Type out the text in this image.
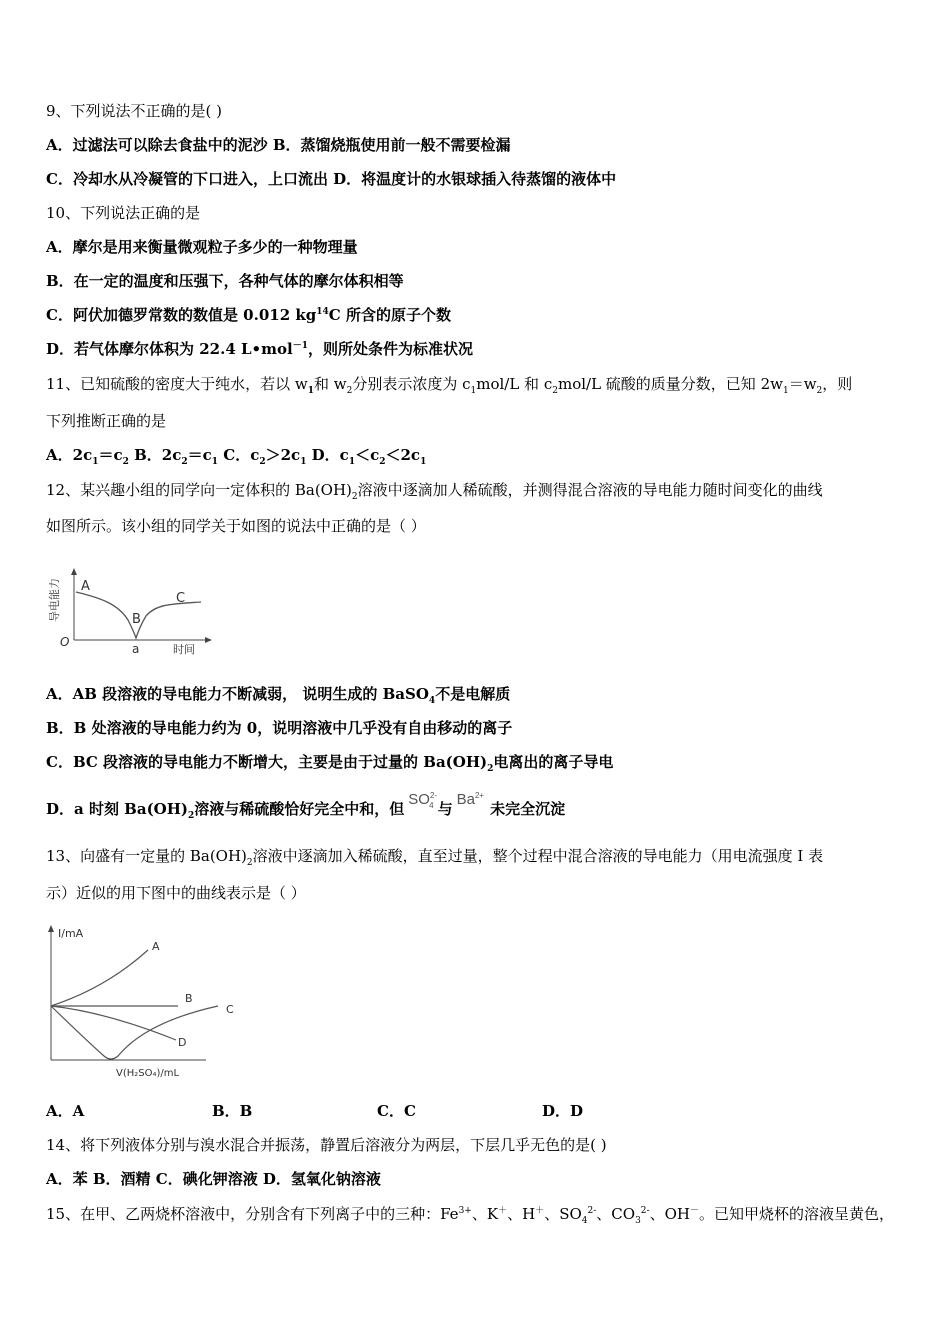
9、下列说法不正确的是( )
A．过滤法可以除去食盐中的泥沙 B．蒸馏烧瓶使用前一般不需要检漏
C．冷却水从冷凝管的下口进入，上口流出 D．将温度计的水银球插入待蒸馏的液体中
10、下列说法正确的是
A．摩尔是用来衡量微观粒子多少的一种物理量
B．在一定的温度和压强下，各种气体的摩尔体积相等
C．阿伏加德罗常数的数值是 0.012 $kg^{14}C$ 所含的原子个数
D．若气体摩尔体积为 22.4 L•mol$^{-1}$，则所处条件为标准状况
11、已知硫酸的密度大于纯水，若以 $w_1$和 $w_2$分别表示浓度为 $c_1mol/L$ 和 $c_2mol/L$ 硫酸的质量分数，已知 $2w_1=w_2$，则
下列推断正确的是
A．$2c_1=c_2$ B．$2c_2=c_1$ C．$c_2>2c_1$ D．$c_1<c_2<2c_1$
12、某兴趣小组的同学向一定体积的 $Ba(OH)_2$溶液中逐滴加人稀硫酸，并测得混合溶液的导电能力随时间变化的曲线
如图所示。该小组的同学关于如图的说法中正确的是（ ）
导电能力
O
A
B
C
a	时间
A．AB 段溶液的导电能力不断减弱， 说明生成的 BaSO$_4$不是电解质
B．B 处溶液的导电能力约为 0，说明溶液中几乎没有自由移动的离子
C．BC 段溶液的导电能力不断增大，主要是由于过量的 $Ba(OH)_2$电离出的离子导电
D．a 时刻 $Ba(OH)_2$溶液与稀硫酸恰好完全中和，但$SO^{2-}_4$ 与$Ba^{2+}$未完全沉淀
13、向盛有一定量的 $Ba(OH)_2$溶液中逐滴加入稀硫酸，直至过量，整个过程中混合溶液的导电能力（用电流强度 I 表
示）近似的用下图中的曲线表示是（ ）
I/mA
V(H₂SO₄)/mL
A
B
C
D
A．A	B．B	C．C	D．D
14、将下列液体分别与溴水混合并振荡，静置后溶液分为两层，下层几乎无色的是( )
A．苯 B．酒精 C．碘化钾溶液 D．氢氧化钠溶液
15、在甲、乙两烧杯溶液中，分别含有下列离子中的三种：$Fe^{3+}$、K＋、H＋、$SO_4^{2-}$、$CO_3^{2-}$、OH－。已知甲烧杯的溶液呈黄色，
